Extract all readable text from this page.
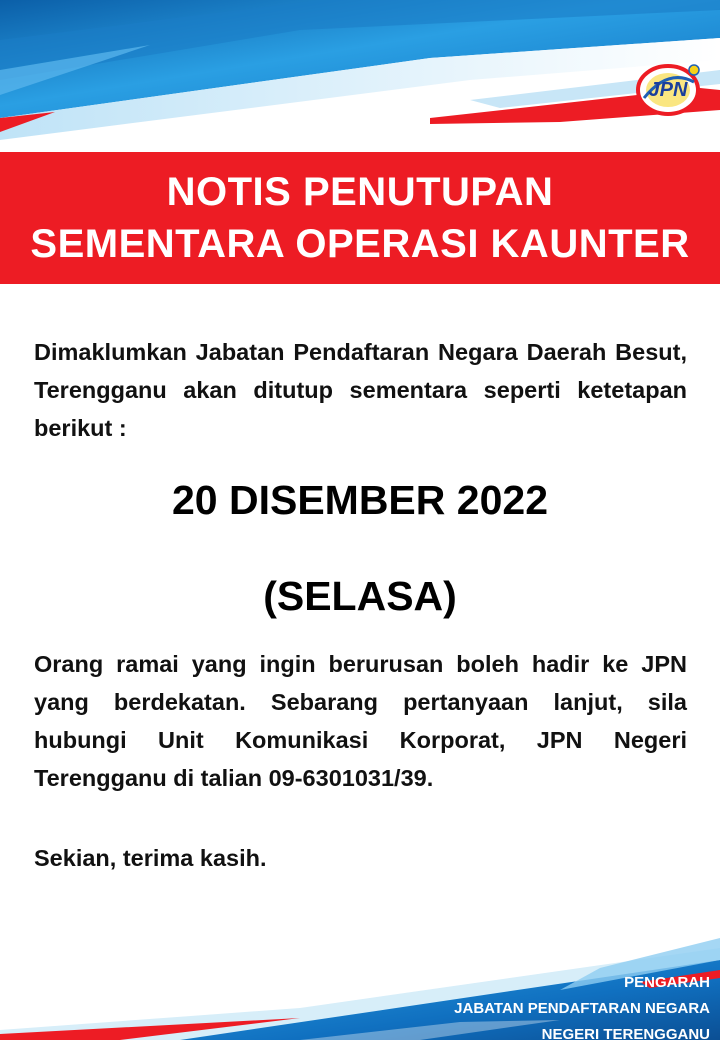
JPN
NOTIS PENUTUPAN
SEMENTARA OPERASI KAUNTER
Dimaklumkan Jabatan Pendaftaran Negara Daerah Besut, Terengganu akan ditutup sementara seperti ketetapan berikut :
20 DISEMBER 2022
(SELASA)
Orang ramai yang ingin berurusan boleh hadir ke JPN yang berdekatan. Sebarang pertanyaan lanjut, sila hubungi Unit Komunikasi Korporat, JPN Negeri Terengganu di talian 09-6301031/39.
Sekian, terima kasih.
PENGARAH
JABATAN PENDAFTARAN NEGARA
NEGERI TERENGGANU
